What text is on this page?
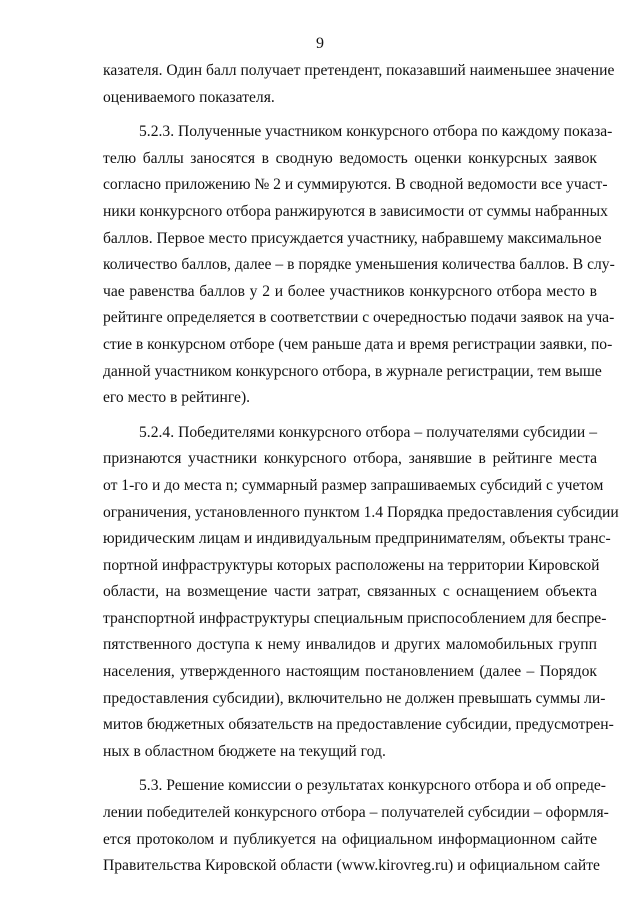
9
казателя. Один балл получает претендент, показавший наименьшее значение
оцениваемого показателя.
5.2.3. Полученные участником конкурсного отбора по каждому показа-
телю баллы заносятся в сводную ведомость оценки конкурсных заявок
согласно приложению № 2 и суммируются. В сводной ведомости все участ-
ники конкурсного отбора ранжируются в зависимости от суммы набранных
баллов. Первое место присуждается участнику, набравшему максимальное
количество баллов, далее – в порядке уменьшения количества баллов. В слу-
чае равенства баллов у 2 и более участников конкурсного отбора место в
рейтинге определяется в соответствии с очередностью подачи заявок на уча-
стие в конкурсном отборе (чем раньше дата и время регистрации заявки, по-
данной участником конкурсного отбора, в журнале регистрации, тем выше
его место в рейтинге).
5.2.4. Победителями конкурсного отбора – получателями субсидии –
признаются участники конкурсного отбора, занявшие в рейтинге места
от 1-го и до места n; суммарный размер запрашиваемых субсидий с учетом
ограничения, установленного пунктом 1.4 Порядка предоставления субсидии
юридическим лицам и индивидуальным предпринимателям, объекты транс-
портной инфраструктуры которых расположены на территории Кировской
области, на возмещение части затрат, связанных с оснащением объекта
транспортной инфраструктуры специальным приспособлением для беспре-
пятственного доступа к нему инвалидов и других маломобильных групп
населения, утвержденного настоящим постановлением (далее – Порядок
предоставления субсидии), включительно не должен превышать суммы ли-
митов бюджетных обязательств на предоставление субсидии, предусмотрен-
ных в областном бюджете на текущий год.
5.3. Решение комиссии о результатах конкурсного отбора и об опреде-
лении победителей конкурсного отбора – получателей субсидии – оформля-
ется протоколом и публикуется на официальном информационном сайте
Правительства Кировской области (www.kirovreg.ru) и официальном сайте
